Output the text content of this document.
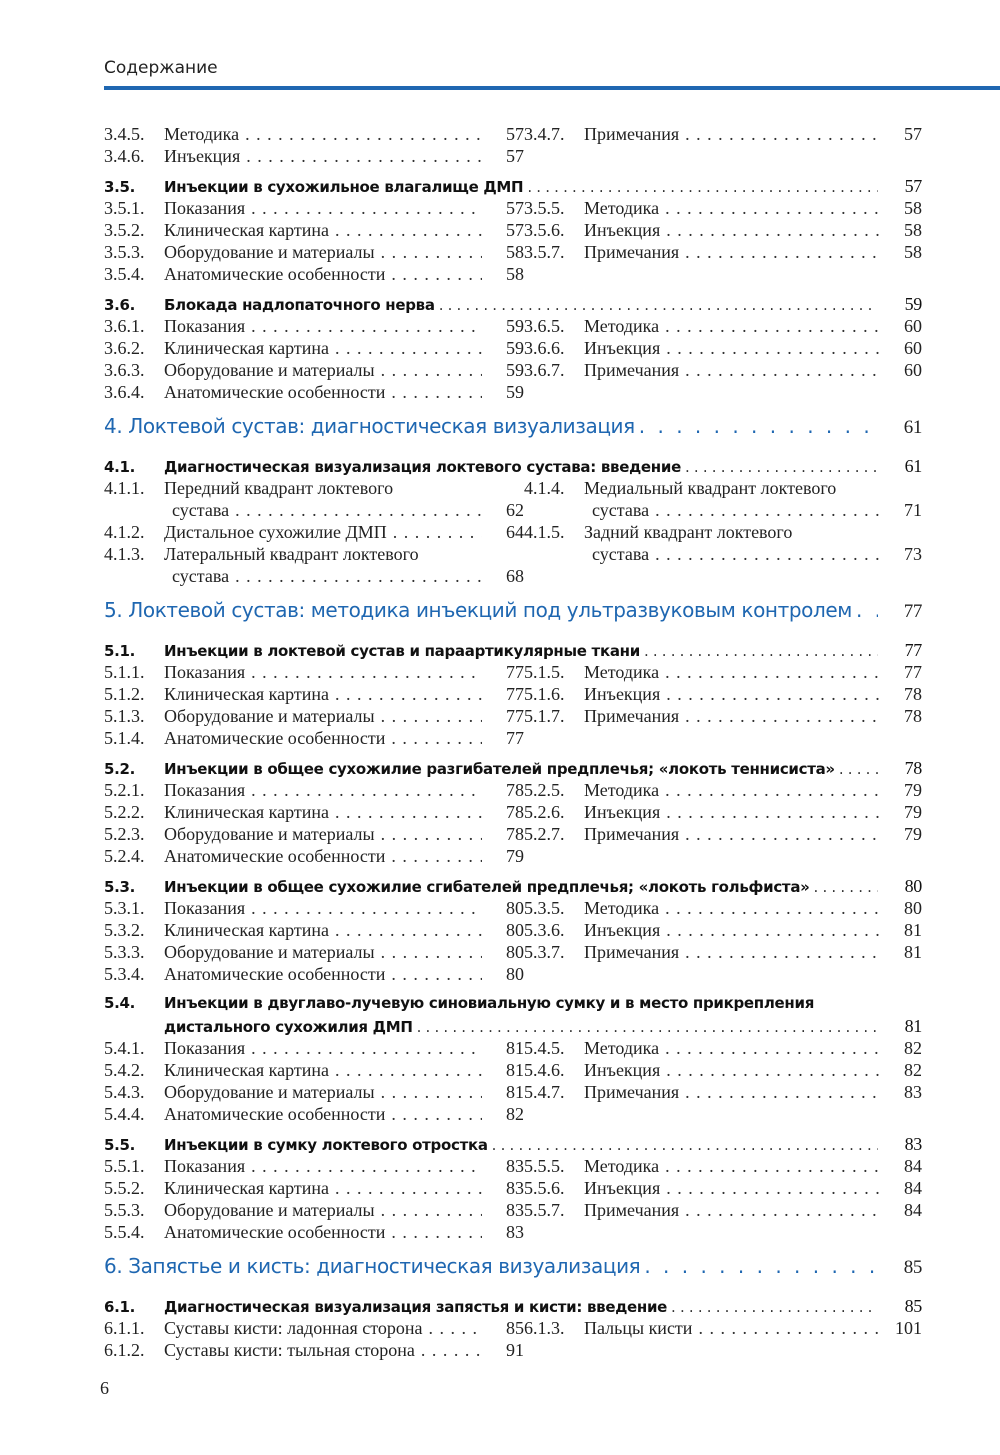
Содержание
3.4.5.	Методика . . .	57
3.4.6.	Инъекция . . .	57
3.4.7.	Примечания . . .	57
3.5.	Инъекции в сухожильное влагалище ДМП . . .	57
3.5.1.	Показания . . .	57
3.5.2.	Клиническая картина . . .	57
3.5.3.	Оборудование и материалы . . .	58
3.5.4.	Анатомические особенности . . .	58
3.5.5.	Методика . . .	58
3.5.6.	Инъекция . . .	58
3.5.7.	Примечания . . .	58
3.6.	Блокада надлопаточного нерва . . .	59
3.6.1.	Показания . . .	59
3.6.2.	Клиническая картина . . .	59
3.6.3.	Оборудование и материалы . . .	59
3.6.4.	Анатомические особенности . . .	59
3.6.5.	Методика . . .	60
3.6.6.	Инъекция . . .	60
3.6.7.	Примечания . . .	60
4. Локтевой сустав: диагностическая визуализация . . .	61
4.1.	Диагностическая визуализация локтевого сустава: введение . . .	61
4.1.1.	Передний квадрант локтевого
сустава . . .	62
4.1.2.	Дистальное сухожилие ДМП . . .	64
4.1.3.	Латеральный квадрант локтевого
сустава . . .	68
4.1.4.	Медиальный квадрант локтевого
сустава . . .	71
4.1.5.	Задний квадрант локтевого
сустава . . .	73
5. Локтевой сустав: методика инъекций под ультразвуковым контролем . . .	77
5.1.	Инъекции в локтевой сустав и параартикулярные ткани . . .	77
5.1.1.	Показания . . .	77
5.1.2.	Клиническая картина . . .	77
5.1.3.	Оборудование и материалы . . .	77
5.1.4.	Анатомические особенности . . .	77
5.1.5.	Методика . . .	77
5.1.6.	Инъекция . . .	78
5.1.7.	Примечания . . .	78
5.2.	Инъекции в общее сухожилие разгибателей предплечья; «локоть теннисиста» . . .	78
5.2.1.	Показания . . .	78
5.2.2.	Клиническая картина . . .	78
5.2.3.	Оборудование и материалы . . .	78
5.2.4.	Анатомические особенности . . .	79
5.2.5.	Методика . . .	79
5.2.6.	Инъекция . . .	79
5.2.7.	Примечания . . .	79
5.3.	Инъекции в общее сухожилие сгибателей предплечья; «локоть гольфиста» . . .	80
5.3.1.	Показания . . .	80
5.3.2.	Клиническая картина . . .	80
5.3.3.	Оборудование и материалы . . .	80
5.3.4.	Анатомические особенности . . .	80
5.3.5.	Методика . . .	80
5.3.6.	Инъекция . . .	81
5.3.7.	Примечания . . .	81
5.4.	Инъекции в двуглаво-лучевую синовиальную сумку и в место прикрепления
дистального сухожилия ДМП . . .	81
5.4.1.	Показания . . .	81
5.4.2.	Клиническая картина . . .	81
5.4.3.	Оборудование и материалы . . .	81
5.4.4.	Анатомические особенности . . .	82
5.4.5.	Методика . . .	82
5.4.6.	Инъекция . . .	82
5.4.7.	Примечания . . .	83
5.5.	Инъекции в сумку локтевого отростка . . .	83
5.5.1.	Показания . . .	83
5.5.2.	Клиническая картина . . .	83
5.5.3.	Оборудование и материалы . . .	83
5.5.4.	Анатомические особенности . . .	83
5.5.5.	Методика . . .	84
5.5.6.	Инъекция . . .	84
5.5.7.	Примечания . . .	84
6. Запястье и кисть: диагностическая визуализация . . .	85
6.1.	Диагностическая визуализация запястья и кисти: введение . . .	85
6.1.1.	Суставы кисти: ладонная сторона . . .	85
6.1.2.	Суставы кисти: тыльная сторона . . .	91
6.1.3.	Пальцы кисти . . .	101
6
